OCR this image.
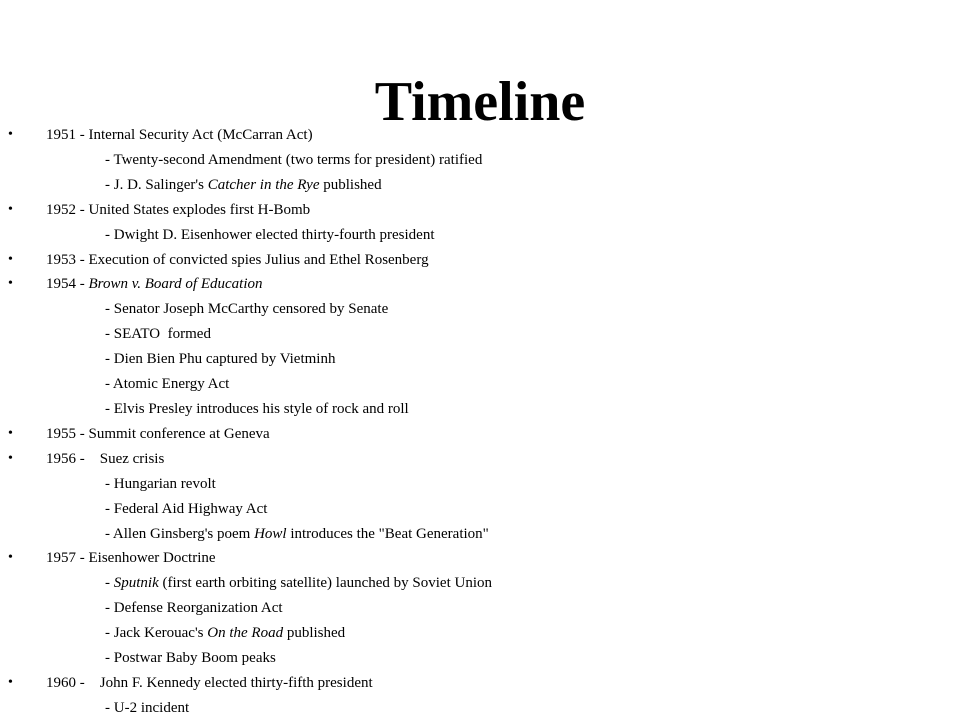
Timeline
• 1951 - Internal Security Act (McCarran Act)
- Twenty-second Amendment (two terms for president) ratified
- J. D. Salinger's Catcher in the Rye published
• 1952 - United States explodes first H-Bomb
- Dwight D. Eisenhower elected thirty-fourth president
• 1953 - Execution of convicted spies Julius and Ethel Rosenberg
• 1954 - Brown v. Board of Education
- Senator Joseph McCarthy censored by Senate
- SEATO  formed
- Dien Bien Phu captured by Vietminh
- Atomic Energy Act
- Elvis Presley introduces his style of rock and roll
• 1955 - Summit conference at Geneva
• 1956 -    Suez crisis
- Hungarian revolt
- Federal Aid Highway Act
- Allen Ginsberg's poem Howl introduces the "Beat Generation"
• 1957 - Eisenhower Doctrine
- Sputnik (first earth orbiting satellite) launched by Soviet Union
- Defense Reorganization Act
- Jack Kerouac's On the Road published
- Postwar Baby Boom peaks
• 1960 -    John F. Kennedy elected thirty-fifth president
- U-2 incident
